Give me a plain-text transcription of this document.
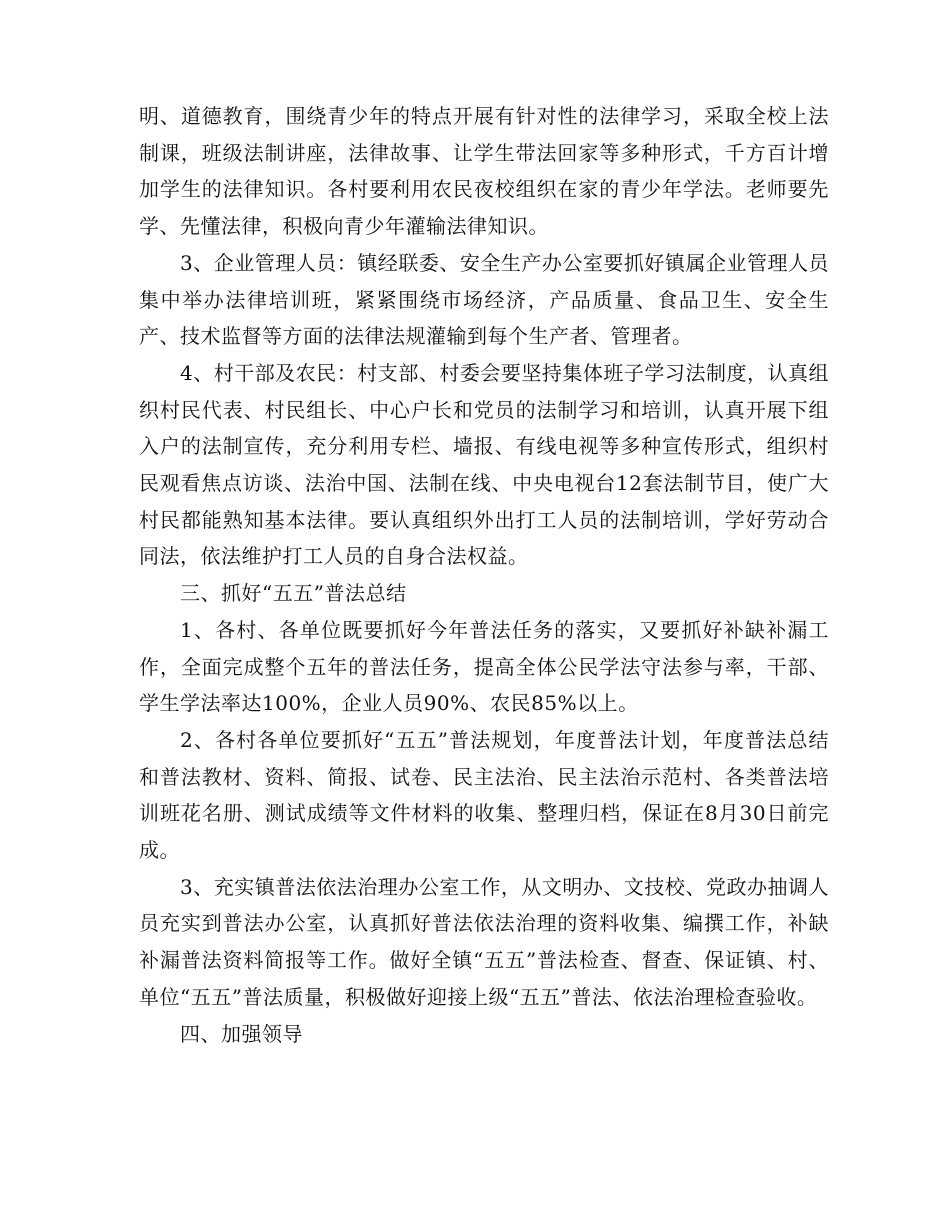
明、道德教育，围绕青少年的特点开展有针对性的法律学习，采取全校上法制课，班级法制讲座，法律故事、让学生带法回家等多种形式，千方百计增加学生的法律知识。各村要利用农民夜校组织在家的青少年学法。老师要先学、先懂法律，积极向青少年灌输法律知识。

3、企业管理人员：镇经联委、安全生产办公室要抓好镇属企业管理人员集中举办法律培训班，紧紧围绕市场经济，产品质量、食品卫生、安全生产、技术监督等方面的法律法规灌输到每个生产者、管理者。

4、村干部及农民：村支部、村委会要坚持集体班子学习法制度，认真组织村民代表、村民组长、中心户长和党员的法制学习和培训，认真开展下组入户的法制宣传，充分利用专栏、墙报、有线电视等多种宣传形式，组织村民观看焦点访谈、法治中国、法制在线、中央电视台12套法制节目，使广大村民都能熟知基本法律。要认真组织外出打工人员的法制培训，学好劳动合同法，依法维护打工人员的自身合法权益。

三、抓好“五五”普法总结

1、各村、各单位既要抓好今年普法任务的落实，又要抓好补缺补漏工作，全面完成整个五年的普法任务，提高全体公民学法守法参与率，干部、学生学法率达100%，企业人员90%、农民85%以上。

2、各村各单位要抓好“五五”普法规划，年度普法计划，年度普法总结和普法教材、资料、简报、试卷、民主法治、民主法治示范村、各类普法培训班花名册、测试成绩等文件材料的收集、整理归档，保证在8月30日前完成。

3、充实镇普法依法治理办公室工作，从文明办、文技校、党政办抽调人员充实到普法办公室，认真抓好普法依法治理的资料收集、编撰工作，补缺补漏普法资料简报等工作。做好全镇“五五”普法检查、督查、保证镇、村、单位“五五”普法质量，积极做好迎接上级“五五”普法、依法治理检查验收。

四、加强领导
